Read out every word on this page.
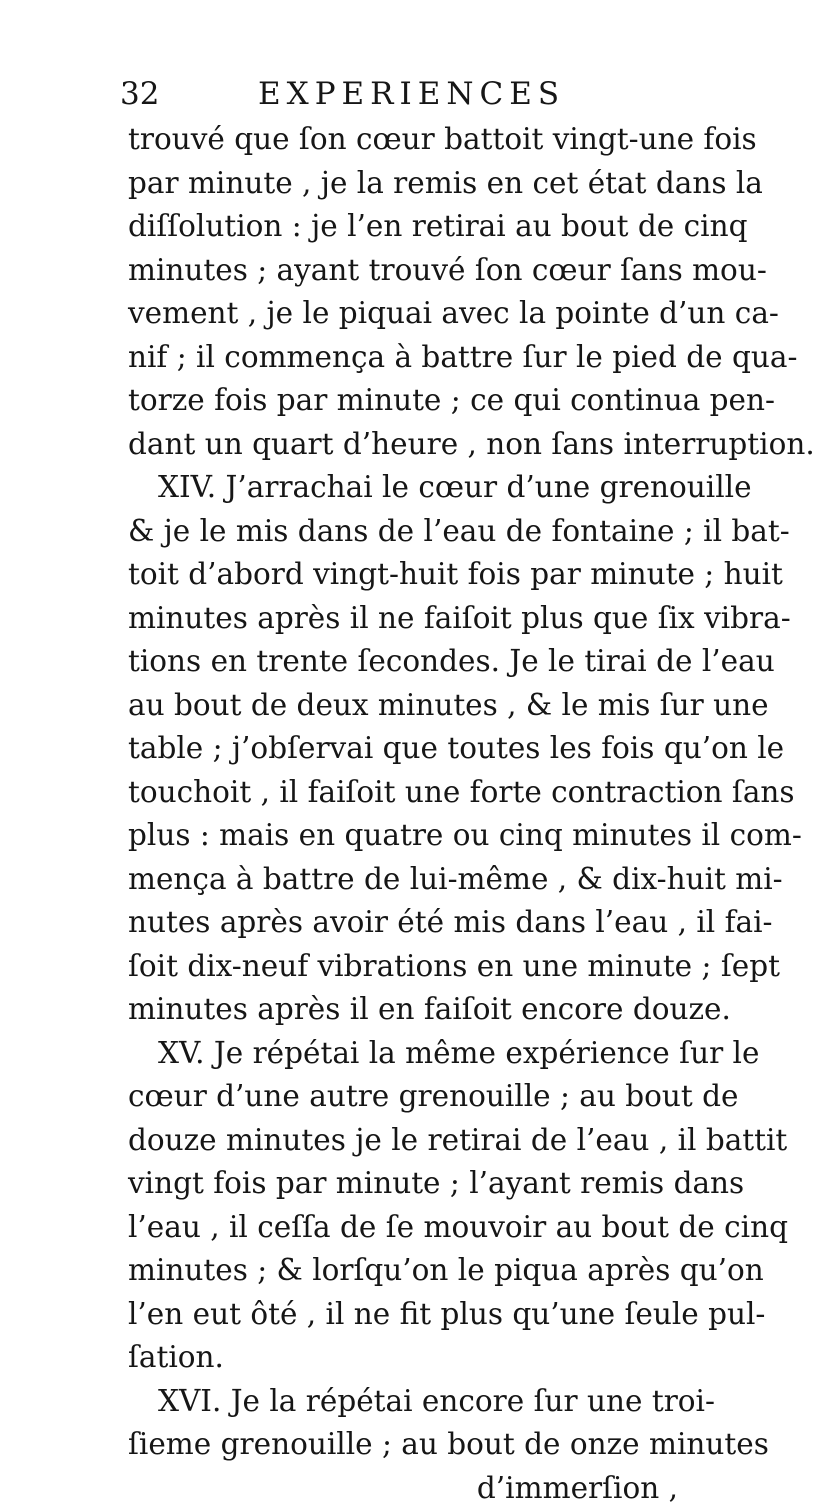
32	EXPERIENCES
trouvé que ſon cœur battoit vingt-une fois
par minute , je la remis en cet état dans la
diſſolution : je l’en retirai au bout de cinq
minutes ; ayant trouvé ſon cœur ſans mou-
vement , je le piquai avec la pointe d’un ca-
nif ; il commença à battre ſur le pied de qua-
torze fois par minute ; ce qui continua pen-
dant un quart d’heure , non ſans interruption.
XIV. J’arrachai le cœur d’une grenouille
& je le mis dans de l’eau de fontaine ; il bat-
toit d’abord vingt-huit fois par minute ; huit
minutes après il ne faiſoit plus que ſix vibra-
tions en trente ſecondes. Je le tirai de l’eau
au bout de deux minutes , & le mis ſur une
table ; j’obſervai que toutes les fois qu’on le
touchoit , il faiſoit une forte contraction ſans
plus : mais en quatre ou cinq minutes il com-
mença à battre de lui-même , & dix-huit mi-
nutes après avoir été mis dans l’eau , il fai-
ſoit dix-neuf vibrations en une minute ; ſept
minutes après il en faiſoit encore douze.
XV. Je répétai la même expérience ſur le
cœur d’une autre grenouille ; au bout de
douze minutes je le retirai de l’eau , il battit
vingt fois par minute ; l’ayant remis dans
l’eau , il ceſſa de ſe mouvoir au bout de cinq
minutes ; & lorſqu’on le piqua après qu’on
l’en eut ôté , il ne fit plus qu’une ſeule pul-
ſation.
XVI. Je la répétai encore ſur une troi-
ſieme grenouille ; au bout de onze minutes
d’immerſion ,
